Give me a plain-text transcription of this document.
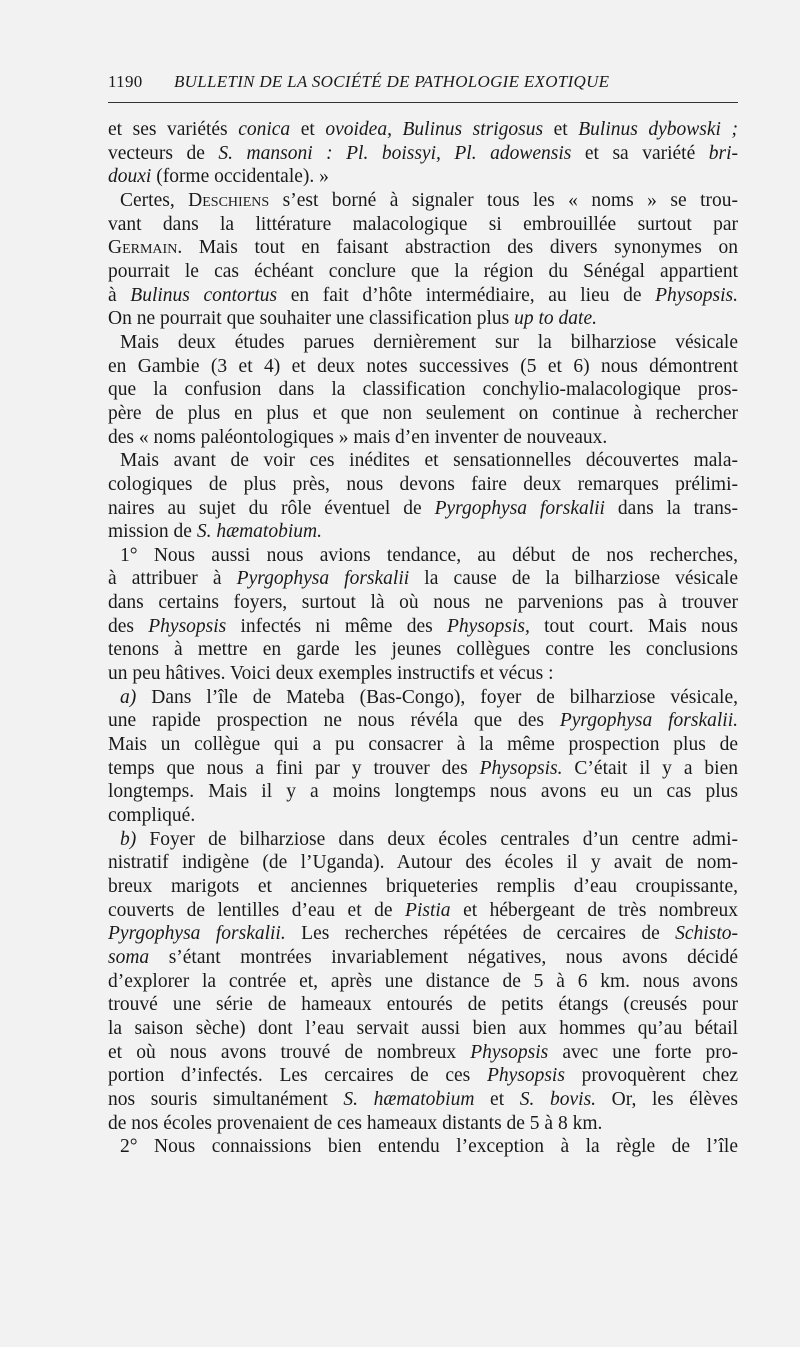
1190 BULLETIN DE LA SOCIÉTÉ DE PATHOLOGIE EXOTIQUE

et ses variétés conica et ovoidea, Bulinus strigosus et Bulinus dybowski ;

vecteurs de S. mansoni : Pl. boissyi, Pl. adowensis et sa variété bri-

douxi (forme occidentale). »

Certes, Deschiens s’est borné à signaler tous les « noms » se trou-

vant dans la littérature malacologique si embrouillée surtout par

Germain. Mais tout en faisant abstraction des divers synonymes on

pourrait le cas échéant conclure que la région du Sénégal appartient

à Bulinus contortus en fait d’hôte intermédiaire, au lieu de Physopsis.

On ne pourrait que souhaiter une classification plus up to date.

Mais deux études parues dernièrement sur la bilharziose vésicale

en Gambie (3 et 4) et deux notes successives (5 et 6) nous démontrent

que la confusion dans la classification conchylio-malacologique pros-

père de plus en plus et que non seulement on continue à rechercher

des « noms paléontologiques » mais d’en inventer de nouveaux.

Mais avant de voir ces inédites et sensationnelles découvertes mala-

cologiques de plus près, nous devons faire deux remarques prélimi-

naires au sujet du rôle éventuel de Pyrgophysa forskalii dans la trans-

mission de S. hæmatobium.

1° Nous aussi nous avions tendance, au début de nos recherches,

à attribuer à Pyrgophysa forskalii la cause de la bilharziose vésicale

dans certains foyers, surtout là où nous ne parvenions pas à trouver

des Physopsis infectés ni même des Physopsis, tout court. Mais nous

tenons à mettre en garde les jeunes collègues contre les conclusions

un peu hâtives. Voici deux exemples instructifs et vécus :

a) Dans l’île de Mateba (Bas-Congo), foyer de bilharziose vésicale,

une rapide prospection ne nous révéla que des Pyrgophysa forskalii.

Mais un collègue qui a pu consacrer à la même prospection plus de

temps que nous a fini par y trouver des Physopsis. C’était il y a bien

longtemps. Mais il y a moins longtemps nous avons eu un cas plus

compliqué.

b) Foyer de bilharziose dans deux écoles centrales d’un centre admi-

nistratif indigène (de l’Uganda). Autour des écoles il y avait de nom-

breux marigots et anciennes briqueteries remplis d’eau croupissante,

couverts de lentilles d’eau et de Pistia et hébergeant de très nombreux

Pyrgophysa forskalii. Les recherches répétées de cercaires de Schisto-

soma s’étant montrées invariablement négatives, nous avons décidé

d’explorer la contrée et, après une distance de 5 à 6 km. nous avons

trouvé une série de hameaux entourés de petits étangs (creusés pour

la saison sèche) dont l’eau servait aussi bien aux hommes qu’au bétail

et où nous avons trouvé de nombreux Physopsis avec une forte pro-

portion d’infectés. Les cercaires de ces Physopsis provoquèrent chez

nos souris simultanément S. hæmatobium et S. bovis. Or, les élèves

de nos écoles provenaient de ces hameaux distants de 5 à 8 km.

2° Nous connaissions bien entendu l’exception à la règle de l’île
